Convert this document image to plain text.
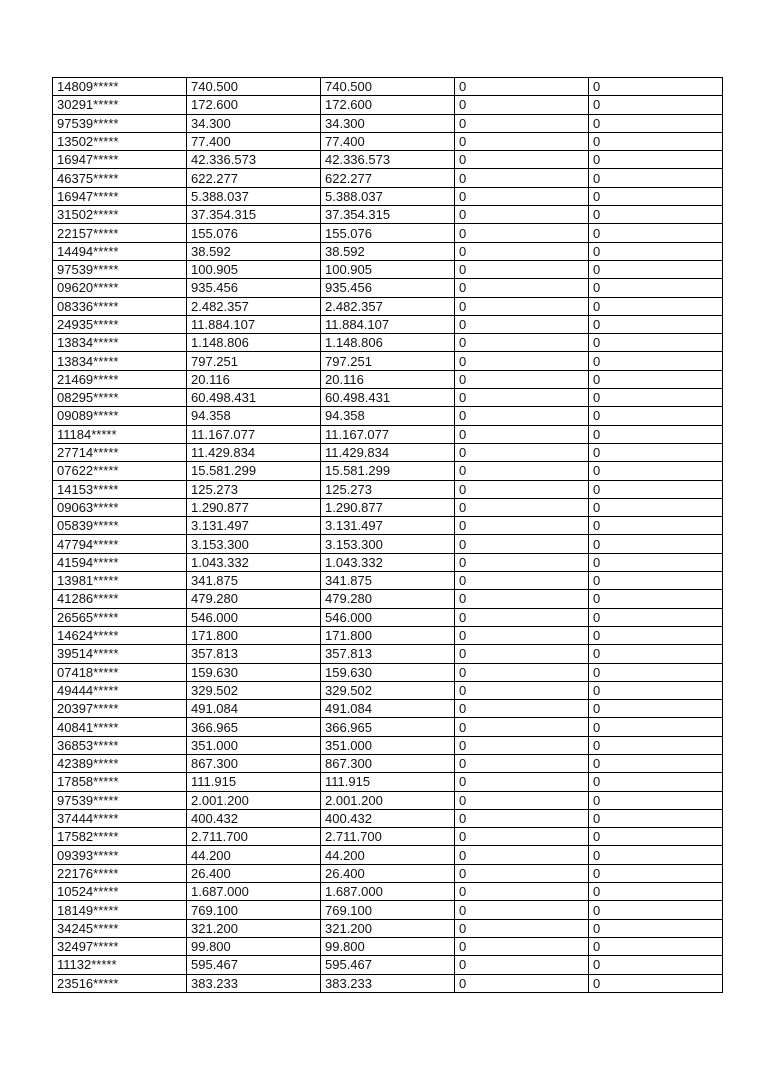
14809*****	740.500	740.500	0	0
30291*****	172.600	172.600	0	0
97539*****	34.300	34.300	0	0
13502*****	77.400	77.400	0	0
16947*****	42.336.573	42.336.573	0	0
46375*****	622.277	622.277	0	0
16947*****	5.388.037	5.388.037	0	0
31502*****	37.354.315	37.354.315	0	0
22157*****	155.076	155.076	0	0
14494*****	38.592	38.592	0	0
97539*****	100.905	100.905	0	0
09620*****	935.456	935.456	0	0
08336*****	2.482.357	2.482.357	0	0
24935*****	11.884.107	11.884.107	0	0
13834*****	1.148.806	1.148.806	0	0
13834*****	797.251	797.251	0	0
21469*****	20.116	20.116	0	0
08295*****	60.498.431	60.498.431	0	0
09089*****	94.358	94.358	0	0
11184*****	11.167.077	11.167.077	0	0
27714*****	11.429.834	11.429.834	0	0
07622*****	15.581.299	15.581.299	0	0
14153*****	125.273	125.273	0	0
09063*****	1.290.877	1.290.877	0	0
05839*****	3.131.497	3.131.497	0	0
47794*****	3.153.300	3.153.300	0	0
41594*****	1.043.332	1.043.332	0	0
13981*****	341.875	341.875	0	0
41286*****	479.280	479.280	0	0
26565*****	546.000	546.000	0	0
14624*****	171.800	171.800	0	0
39514*****	357.813	357.813	0	0
07418*****	159.630	159.630	0	0
49444*****	329.502	329.502	0	0
20397*****	491.084	491.084	0	0
40841*****	366.965	366.965	0	0
36853*****	351.000	351.000	0	0
42389*****	867.300	867.300	0	0
17858*****	111.915	111.915	0	0
97539*****	2.001.200	2.001.200	0	0
37444*****	400.432	400.432	0	0
17582*****	2.711.700	2.711.700	0	0
09393*****	44.200	44.200	0	0
22176*****	26.400	26.400	0	0
10524*****	1.687.000	1.687.000	0	0
18149*****	769.100	769.100	0	0
34245*****	321.200	321.200	0	0
32497*****	99.800	99.800	0	0
11132*****	595.467	595.467	0	0
23516*****	383.233	383.233	0	0
